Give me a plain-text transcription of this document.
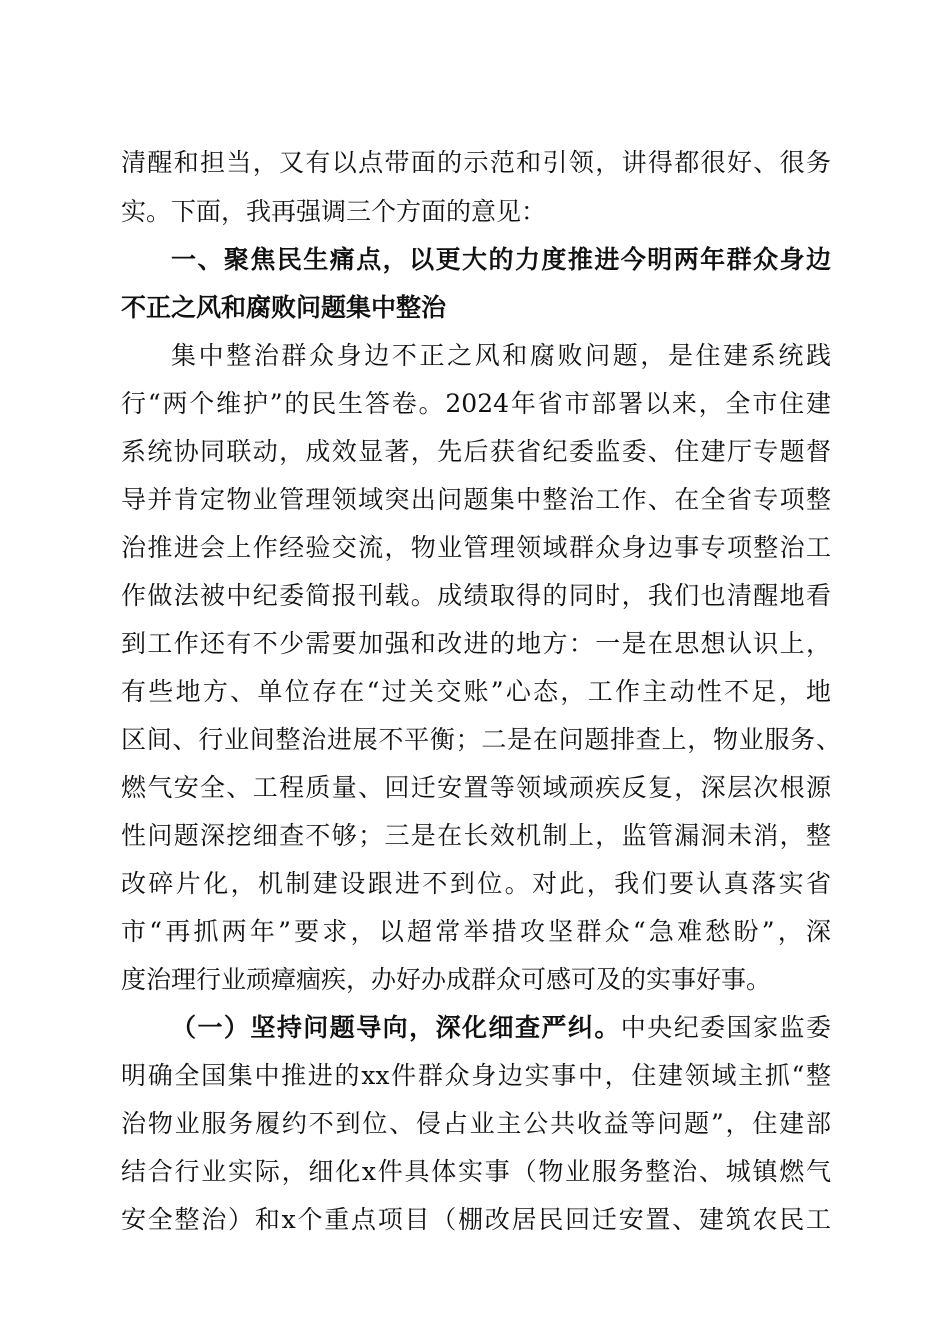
清醒和担当，又有以点带面的示范和引领，讲得都很好、很务
实。下面，我再强调三个方面的意见：
一、聚焦民生痛点，以更大的力度推进今明两年群众身边
不正之风和腐败问题集中整治
集中整治群众身边不正之风和腐败问题，是住建系统践
行“两个维护”的民生答卷。2024年省市部署以来，全市住建
系统协同联动，成效显著，先后获省纪委监委、住建厅专题督
导并肯定物业管理领域突出问题集中整治工作、在全省专项整
治推进会上作经验交流，物业管理领域群众身边事专项整治工
作做法被中纪委简报刊载。成绩取得的同时，我们也清醒地看
到工作还有不少需要加强和改进的地方：一是在思想认识上，
有些地方、单位存在“过关交账”心态，工作主动性不足，地
区间、行业间整治进展不平衡；二是在问题排查上，物业服务、
燃气安全、工程质量、回迁安置等领域顽疾反复，深层次根源
性问题深挖细查不够；三是在长效机制上，监管漏洞未消，整
改碎片化，机制建设跟进不到位。对此，我们要认真落实省
市“再抓两年”要求，以超常举措攻坚群众“急难愁盼”，深
度治理行业顽瘴痼疾，办好办成群众可感可及的实事好事。
（一）坚持问题导向，深化细查严纠。中央纪委国家监委
明确全国集中推进的xx件群众身边实事中，住建领域主抓“整
治物业服务履约不到位、侵占业主公共收益等问题”，住建部
结合行业实际，细化x件具体实事（物业服务整治、城镇燃气
安全整治）和x个重点项目（棚改居民回迁安置、建筑农民工
